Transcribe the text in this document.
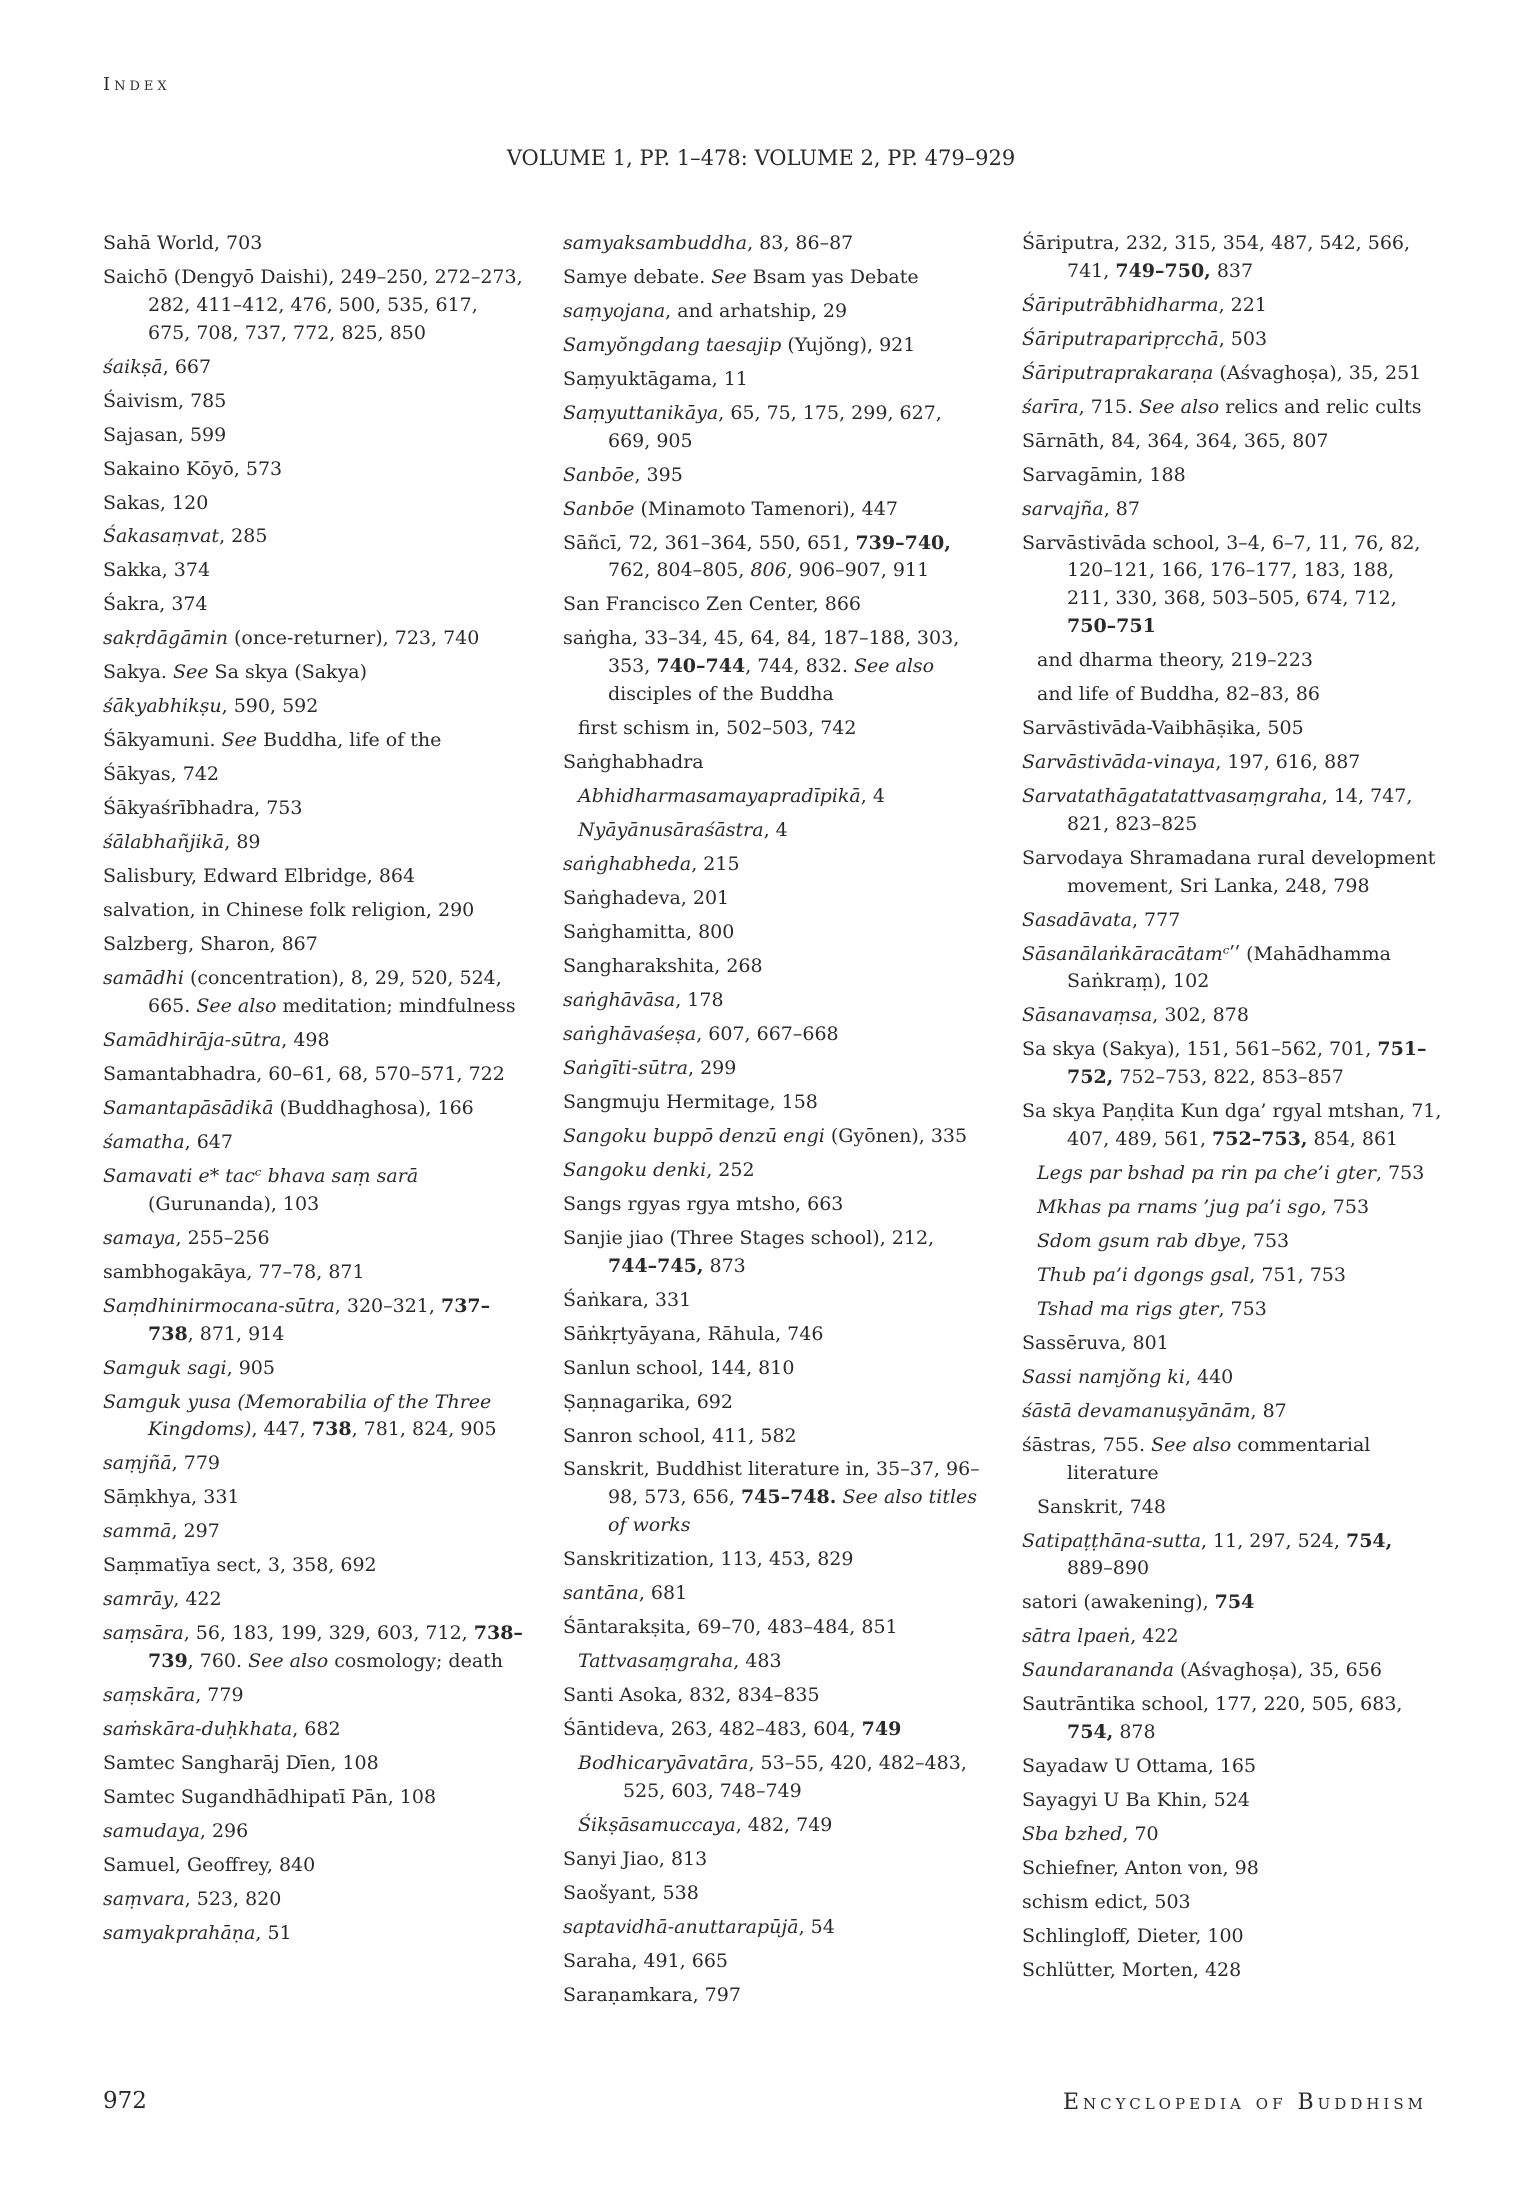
Index
VOLUME 1, PP. 1–478: VOLUME 2, PP. 479–929
Sahā World, 703
Saichō (Dengyō Daishi), 249–250, 272–273, 282, 411–412, 476, 500, 535, 617, 675, 708, 737, 772, 825, 850
śaikṣā, 667
Śaivism, 785
Sajasan, 599
Sakaino Kōyō, 573
Sakas, 120
Śakasaṃvat, 285
Sakka, 374
Śakra, 374
sakṛdāgāmin (once-returner), 723, 740
Sakya. See Sa skya (Sakya)
śākyabhikṣu, 590, 592
Śākyamuni. See Buddha, life of the
Śākyas, 742
Śākyaśrībhadra, 753
śālabhañjikā, 89
Salisbury, Edward Elbridge, 864
salvation, in Chinese folk religion, 290
Salzberg, Sharon, 867
samādhi (concentration), 8, 29, 520, 524, 665. See also meditation; mindfulness
Samādhirāja-sūtra, 498
Samantabhadra, 60–61, 68, 570–571, 722
Samantapāsādikā (Buddhaghosa), 166
śamatha, 647
Samavati e* tacᶜ bhava saṃ sarā (Gurunanda), 103
samaya, 255–256
sambhogakāya, 77–78, 871
Saṃdhinirmocana-sūtra, 320–321, 737–738, 871, 914
Samguk sagi, 905
Samguk yusa (Memorabilia of the Three Kingdoms), 447, 738, 781, 824, 905
saṃjñā, 779
Sāṃkhya, 331
sammā, 297
Saṃmatīya sect, 3, 358, 692
samrāy, 422
saṃsāra, 56, 183, 199, 329, 603, 712, 738–739, 760. See also cosmology; death
saṃskāra, 779
saṁskāra-duḥkhata, 682
Samtec Sangharāj Dīen, 108
Samtec Sugandhādhipatī Pān, 108
samudaya, 296
Samuel, Geoffrey, 840
saṃvara, 523, 820
samyakprahāṇa, 51
samyaksambuddha, 83, 86–87
Samye debate. See Bsam yas Debate
saṃyojana, and arhatship, 29
Samyŏngdang taesajip (Yujŏng), 921
Saṃyuktāgama, 11
Saṃyuttanikāya, 65, 75, 175, 299, 627, 669, 905
Sanbōe, 395
Sanbōe (Minamoto Tamenori), 447
Sāñcī, 72, 361–364, 550, 651, 739–740, 762, 804–805, 806, 906–907, 911
San Francisco Zen Center, 866
saṅgha, 33–34, 45, 64, 84, 187–188, 303, 353, 740–744, 744, 832. See also disciples of the Buddha
first schism in, 502–503, 742
Saṅghabhadra
Abhidharmasamayapradīpikā, 4
Nyāyānusāraśāstra, 4
saṅghabheda, 215
Saṅghadeva, 201
Saṅghamitta, 800
Sangharakshita, 268
saṅghāvāsa, 178
saṅghāvaśeṣa, 607, 667–668
Saṅgīti-sūtra, 299
Sangmuju Hermitage, 158
Sangoku buppō denzū engi (Gyōnen), 335
Sangoku denki, 252
Sangs rgyas rgya mtsho, 663
Sanjie jiao (Three Stages school), 212, 744–745, 873
Śaṅkara, 331
Sāṅkṛtyāyana, Rāhula, 746
Sanlun school, 144, 810
Ṣaṇnagarika, 692
Sanron school, 411, 582
Sanskrit, Buddhist literature in, 35–37, 96–98, 573, 656, 745–748. See also titles of works
Sanskritization, 113, 453, 829
santāna, 681
Śāntarakṣita, 69–70, 483–484, 851
Tattvasaṃgraha, 483
Santi Asoka, 832, 834–835
Śāntideva, 263, 482–483, 604, 749
Bodhicaryāvatāra, 53–55, 420, 482–483, 525, 603, 748–749
Śikṣāsamuccaya, 482, 749
Sanyi Jiao, 813
Saošyant, 538
saptavidhā-anuttarapūjā, 54
Saraha, 491, 665
Saraṇamkara, 797
Śāriputra, 232, 315, 354, 487, 542, 566, 741, 749–750, 837
Śāriputrābhidharma, 221
Śāriputraparipṛcchā, 503
Śāriputraprakaraṇa (Aśvaghoṣa), 35, 251
śarīra, 715. See also relics and relic cults
Sārnāth, 84, 364, 364, 365, 807
Sarvagāmin, 188
sarvajña, 87
Sarvāstivāda school, 3–4, 6–7, 11, 76, 82, 120–121, 166, 176–177, 183, 188, 211, 330, 368, 503–505, 674, 712, 750–751
and dharma theory, 219–223
and life of Buddha, 82–83, 86
Sarvāstivāda-Vaibhāṣika, 505
Sarvāstivāda-vinaya, 197, 616, 887
Sarvatathāgatatattvasaṃgraha, 14, 747, 821, 823–825
Sarvodaya Shramadana rural development movement, Sri Lanka, 248, 798
Sasadāvata, 777
Sāsanālaṅkāracātamᶜʹʹ (Mahādhamma Saṅkraṃ), 102
Sāsanavaṃsa, 302, 878
Sa skya (Sakya), 151, 561–562, 701, 751–752, 752–753, 822, 853–857
Sa skya Paṇḍita Kun dga’ rgyal mtshan, 71, 407, 489, 561, 752–753, 854, 861
Legs par bshad pa rin pa che’i gter, 753
Mkhas pa rnams ’jug pa’i sgo, 753
Sdom gsum rab dbye, 753
Thub pa’i dgongs gsal, 751, 753
Tshad ma rigs gter, 753
Sassēruva, 801
Sassi namjŏng ki, 440
śāstā devamanuṣyānām, 87
śāstras, 755. See also commentarial literature
Sanskrit, 748
Satipaṭṭhāna-sutta, 11, 297, 524, 754, 889–890
satori (awakening), 754
sātra lpaeṅ, 422
Saundarananda (Aśvaghoṣa), 35, 656
Sautrāntika school, 177, 220, 505, 683, 754, 878
Sayadaw U Ottama, 165
Sayagyi U Ba Khin, 524
Sba bzhed, 70
Schiefner, Anton von, 98
schism edict, 503
Schlingloff, Dieter, 100
Schlütter, Morten, 428
972	Encyclopedia of Buddhism
